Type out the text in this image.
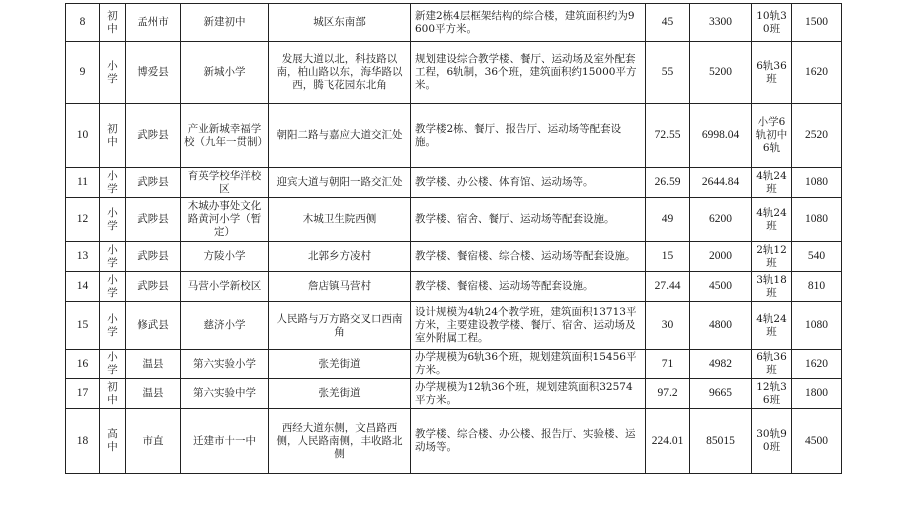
8	初中	孟州市	新建初中	城区东南部	新建2栋4层框架结构的综合楼，建筑面积约为9600平方米。	45	3300	10轨30班	1500
9	小学	博爱县	新城小学	发展大道以北，科技路以南，柏山路以东，海华路以西，腾飞花园东北角	规划建设综合教学楼、餐厅、运动场及室外配套工程，6轨制，36个班，建筑面积约15000平方米。	55	5200	6轨36班	1620
10	初中	武陟县	产业新城幸福学校（九年一贯制）	朝阳二路与嘉应大道交汇处	教学楼2栋、餐厅、报告厅、运动场等配套设施。	72.55	6998.04	小学6轨初中6轨	2520
11	小学	武陟县	育英学校华洋校区	迎宾大道与朝阳一路交汇处	教学楼、办公楼、体育馆、运动场等。	26.59	2644.84	4轨24班	1080
12	小学	武陟县	木城办事处文化路黄河小学（暂定）	木城卫生院西侧	教学楼、宿舍、餐厅、运动场等配套设施。	49	6200	4轨24班	1080
13	小学	武陟县	方陵小学	北郭乡方凌村	教学楼、餐宿楼、综合楼、运动场等配套设施。	15	2000	2轨12班	540
14	小学	武陟县	马营小学新校区	詹店镇马营村	教学楼、餐宿楼、运动场等配套设施。	27.44	4500	3轨18班	810
15	小学	修武县	慈济小学	人民路与万方路交叉口西南角	设计规模为4轨24个教学班，建筑面积13713平方米，主要建设教学楼、餐厅、宿舍、运动场及室外附属工程。	30	4800	4轨24班	1080
16	小学	温县	第六实验小学	张羌街道	办学规模为6轨36个班，规划建筑面积15456平方米。	71	4982	6轨36班	1620
17	初中	温县	第六实验中学	张羌街道	办学规模为12轨36个班，规划建筑面积32574平方米。	97.2	9665	12轨36班	1800
18	高中	市直	迁建市十一中	西经大道东侧，文昌路西侧，人民路南侧，丰收路北侧	教学楼、综合楼、办公楼、报告厅、实验楼、运动场等。	224.01	85015	30轨90班	4500
